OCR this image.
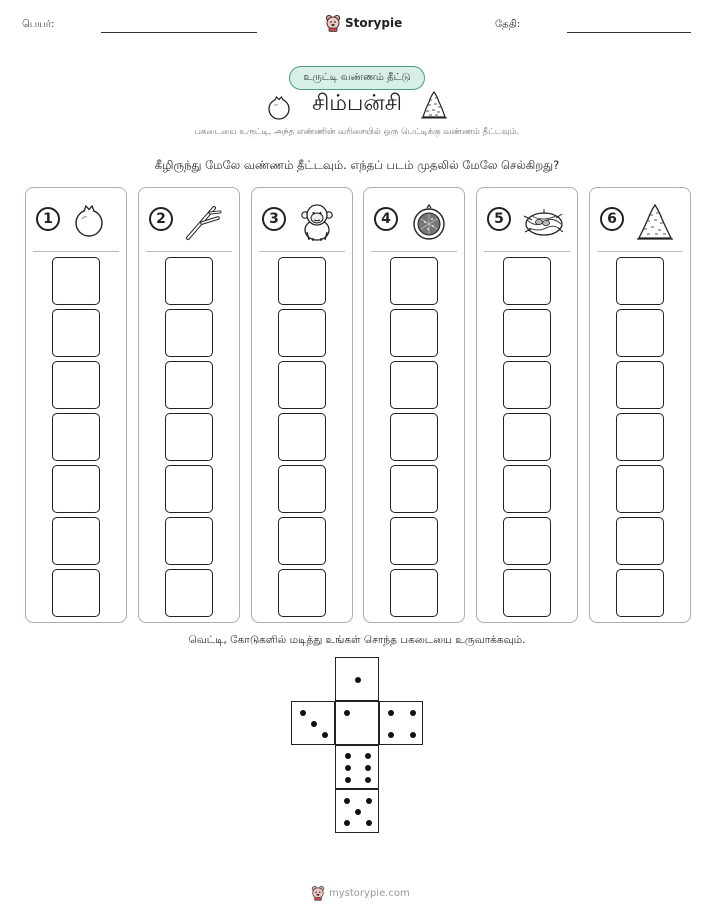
பெயர்:	Storypie	தேதி:
உருட்டி வண்ணம் தீட்டு
சிம்பன்சி
பகடையை உருட்டி, அந்த எண்ணின் வரிசையில் ஒரு பெட்டிக்கு வண்ணம் தீட்டவும்.
கீழிருந்து மேலே வண்ணம் தீட்டவும். எந்தப் படம் முதலில் மேலே செல்கிறது?
1	2	3	4	5	6
வெட்டி, கோடுகளில் மடித்து உங்கள் சொந்த பகடையை உருவாக்கவும்.
mystorypie.com
